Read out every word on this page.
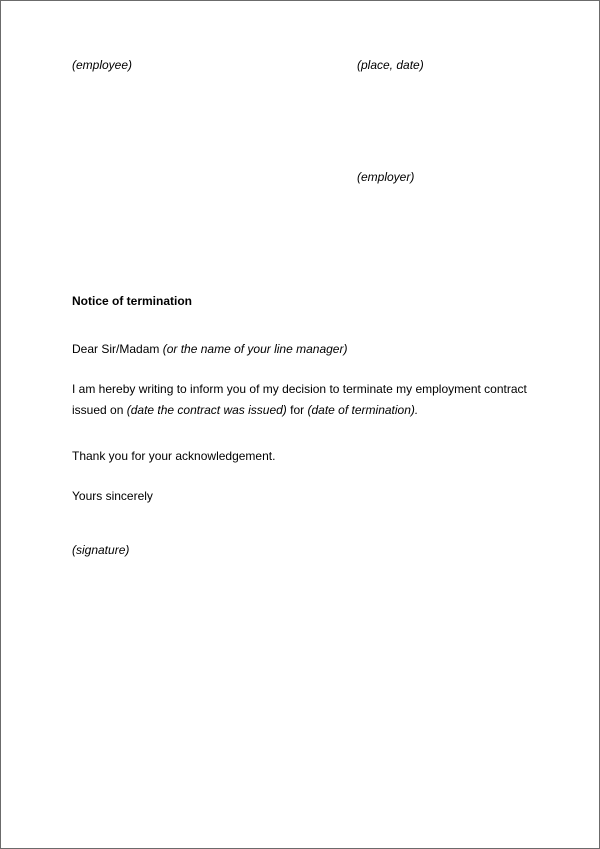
(employee)	(place, date)
(employer)
Notice of termination
Dear Sir/Madam (or the name of your line manager)
I am hereby writing to inform you of my decision to terminate my employment contract
issued on (date the contract was issued) for (date of termination).
Thank you for your acknowledgement.
Yours sincerely
(signature)
